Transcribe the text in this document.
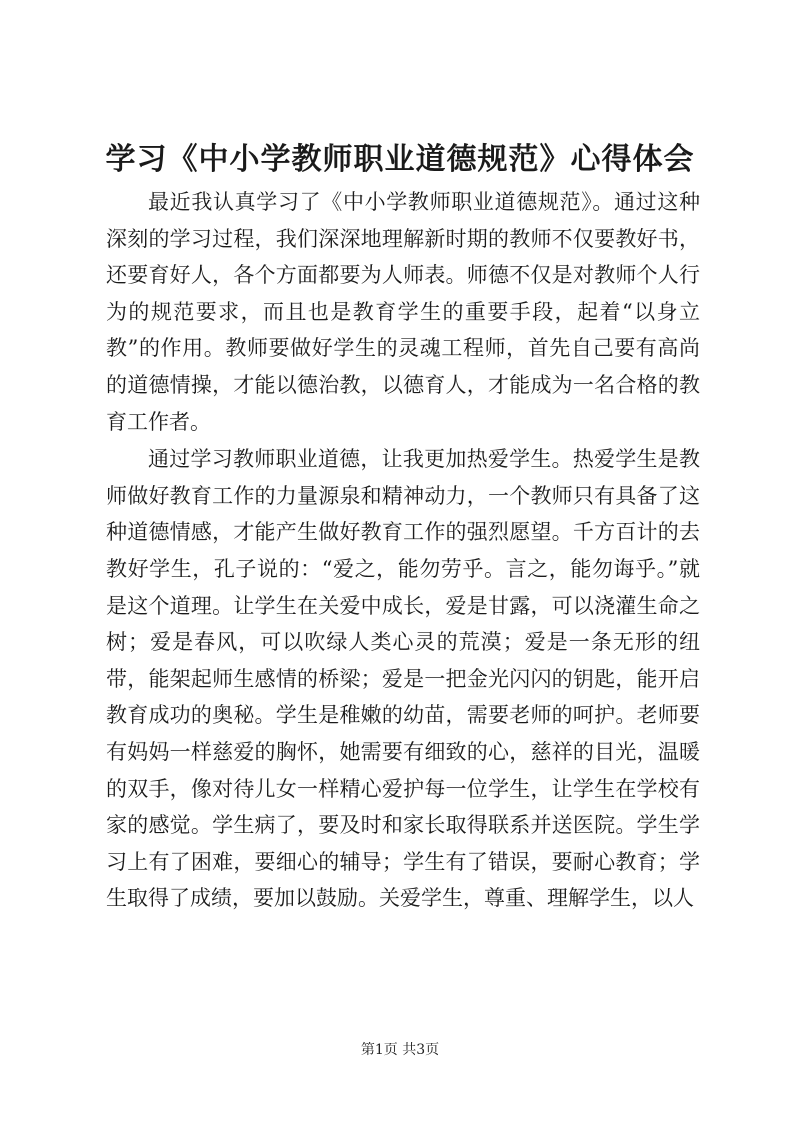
学习《中小学教师职业道德规范》心得体会

最近我认真学习了《中小学教师职业道德规范》。通过这种深刻的学习过程，我们深深地理解新时期的教师不仅要教好书，还要育好人，各个方面都要为人师表。师德不仅是对教师个人行为的规范要求，而且也是教育学生的重要手段，起着“以身立教”的作用。教师要做好学生的灵魂工程师，首先自己要有高尚的道德情操，才能以德治教，以德育人，才能成为一名合格的教育工作者。

通过学习教师职业道德，让我更加热爱学生。热爱学生是教师做好教育工作的力量源泉和精神动力，一个教师只有具备了这种道德情感，才能产生做好教育工作的强烈愿望。千方百计的去教好学生，孔子说的：“爱之，能勿劳乎。言之，能勿诲乎。”就是这个道理。让学生在关爱中成长，爱是甘露，可以浇灌生命之树；爱是春风，可以吹绿人类心灵的荒漠；爱是一条无形的纽带，能架起师生感情的桥梁；爱是一把金光闪闪的钥匙，能开启教育成功的奥秘。学生是稚嫩的幼苗，需要老师的呵护。老师要有妈妈一样慈爱的胸怀，她需要有细致的心，慈祥的目光，温暖的双手，像对待儿女一样精心爱护每一位学生，让学生在学校有家的感觉。学生病了，要及时和家长取得联系并送医院。学生学习上有了困难，要细心的辅导；学生有了错误，要耐心教育；学生取得了成绩，要加以鼓励。关爱学生，尊重、理解学生，以人

第1页 共3页
